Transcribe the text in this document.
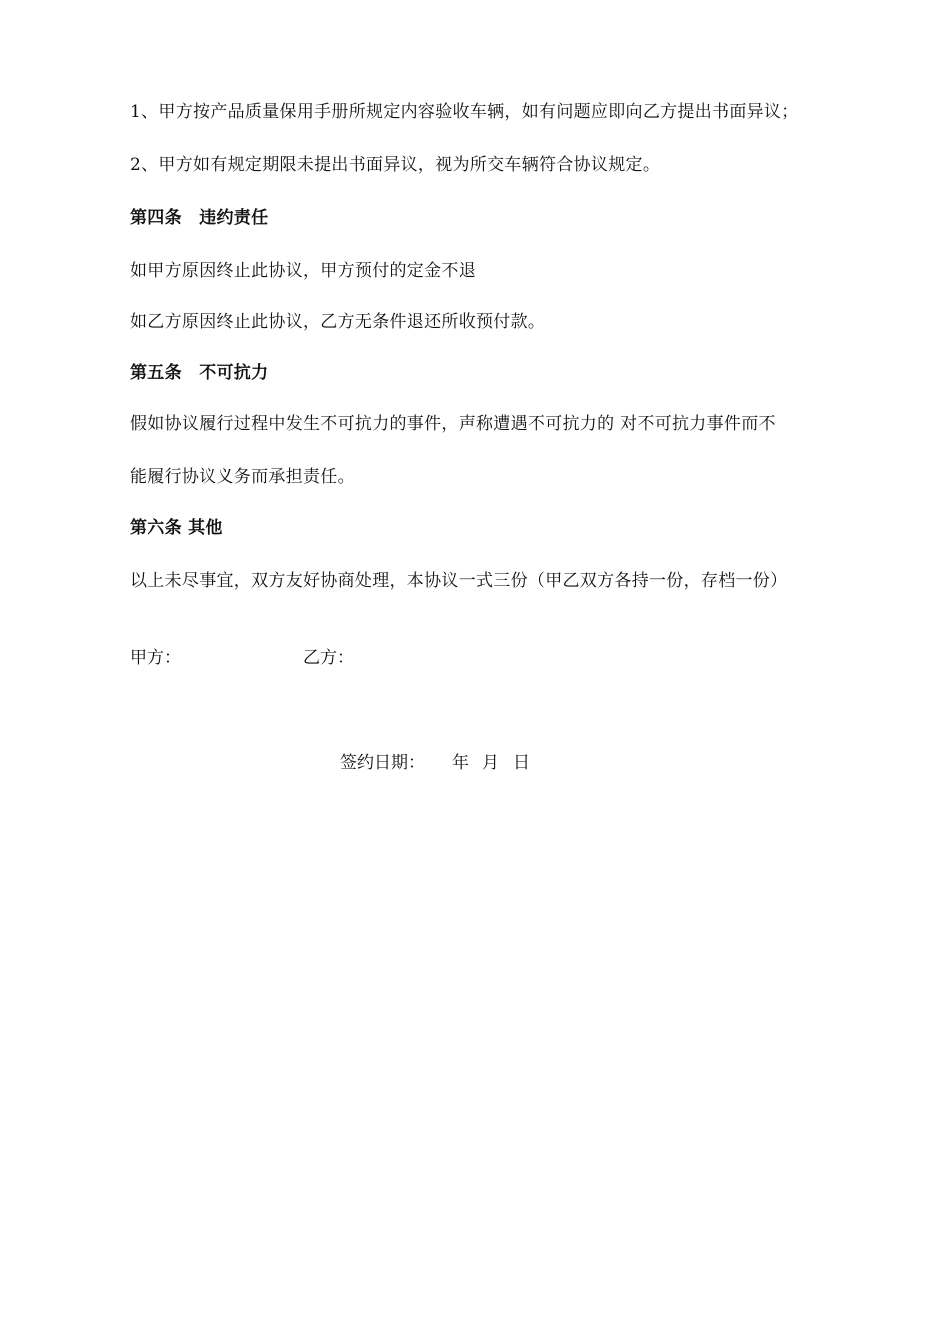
1、甲方按产品质量保用手册所规定内容验收车辆，如有问题应即向乙方提出书面异议；
2、甲方如有规定期限未提出书面异议，视为所交车辆符合协议规定。
第四条　违约责任
如甲方原因终止此协议，甲方预付的定金不退
如乙方原因终止此协议，乙方无条件退还所收预付款。
第五条　不可抗力
假如协议履行过程中发生不可抗力的事件，声称遭遇不可抗力的 对不可抗力事件而不
能履行协议义务而承担责任。
第六条 其他
以上未尽事宜，双方友好协商处理，本协议一式三份（甲乙双方各持一份，存档一份）
甲方：	乙方：
签约日期： 年 月 日
